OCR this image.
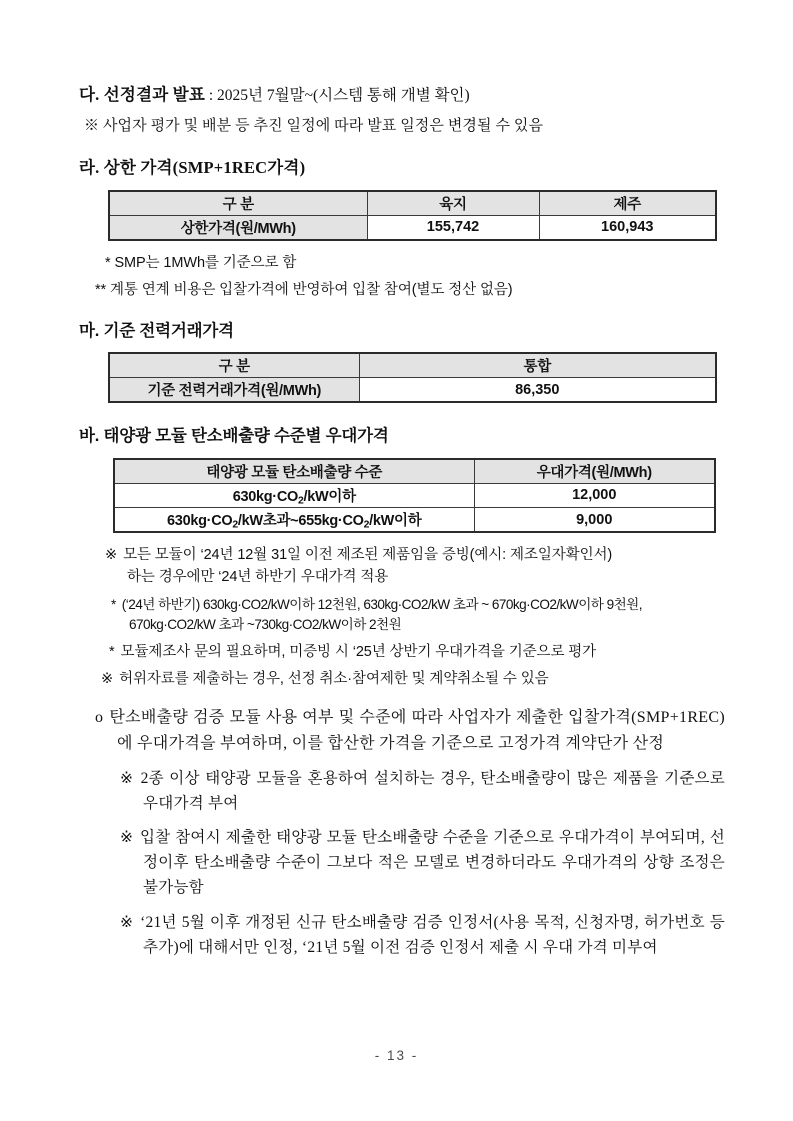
다. 선정결과 발표 : 2025년 7월말~(시스템 통해 개별 확인)
※ 사업자 평가 및 배분 등 추진 일정에 따라 발표 일정은 변경될 수 있음
라. 상한 가격(SMP+1REC가격)
구 분	육지	제주
상한가격(원/MWh)	155,742	160,943
* SMP는 1MWh를 기준으로 함
** 계통 연계 비용은 입찰가격에 반영하여 입찰 참여(별도 정산 없음)
마. 기준 전력거래가격
구 분	통합
기준 전력거래가격(원/MWh)	86,350
바. 태양광 모듈 탄소배출량 수준별 우대가격
태양광 모듈 탄소배출량 수준	우대가격(원/MWh)
$630kg\cdot CO_2/kW$이하	12,000
$630kg\cdot CO_2/kW$초과$\sim 655kg\cdot CO_2/kW$이하	9,000
※ 모든 모듈이 ‘24년 12월 31일 이전 제조된 제품임을 증빙(예시: 제조일자확인서)
하는 경우에만 ‘24년 하반기 우대가격 적용
* (‘24년 하반기) 630kg·CO2/kW이하 12천원, 630kg·CO2/kW 초과 ~ 670kg·CO2/kW이하 9천원,
670kg·CO2/kW 초과 ~730kg·CO2/kW이하 2천원
* 모듈제조사 문의 필요하며, 미증빙 시 ‘25년 상반기 우대가격을 기준으로 평가
※ 허위자료를 제출하는 경우, 선정 취소·참여제한 및 계약취소될 수 있음
o 탄소배출량 검증 모듈 사용 여부 및 수준에 따라 사업자가 제출한 입찰가격(SMP+1REC)에 우대가격을 부여하며, 이를 합산한 가격을 기준으로 고정가격 계약단가 산정
※ 2종 이상 태양광 모듈을 혼용하여 설치하는 경우, 탄소배출량이 많은 제품을 기준으로 우대가격 부여
※ 입찰 참여시 제출한 태양광 모듈 탄소배출량 수준을 기준으로 우대가격이 부여되며, 선정이후 탄소배출량 수준이 그보다 적은 모델로 변경하더라도 우대가격의 상향 조정은 불가능함
※ ‘21년 5월 이후 개정된 신규 탄소배출량 검증 인정서(사용 목적, 신청자명, 허가번호 등 추가)에 대해서만 인정, ‘21년 5월 이전 검증 인정서 제출 시 우대 가격 미부여
- 13 -
